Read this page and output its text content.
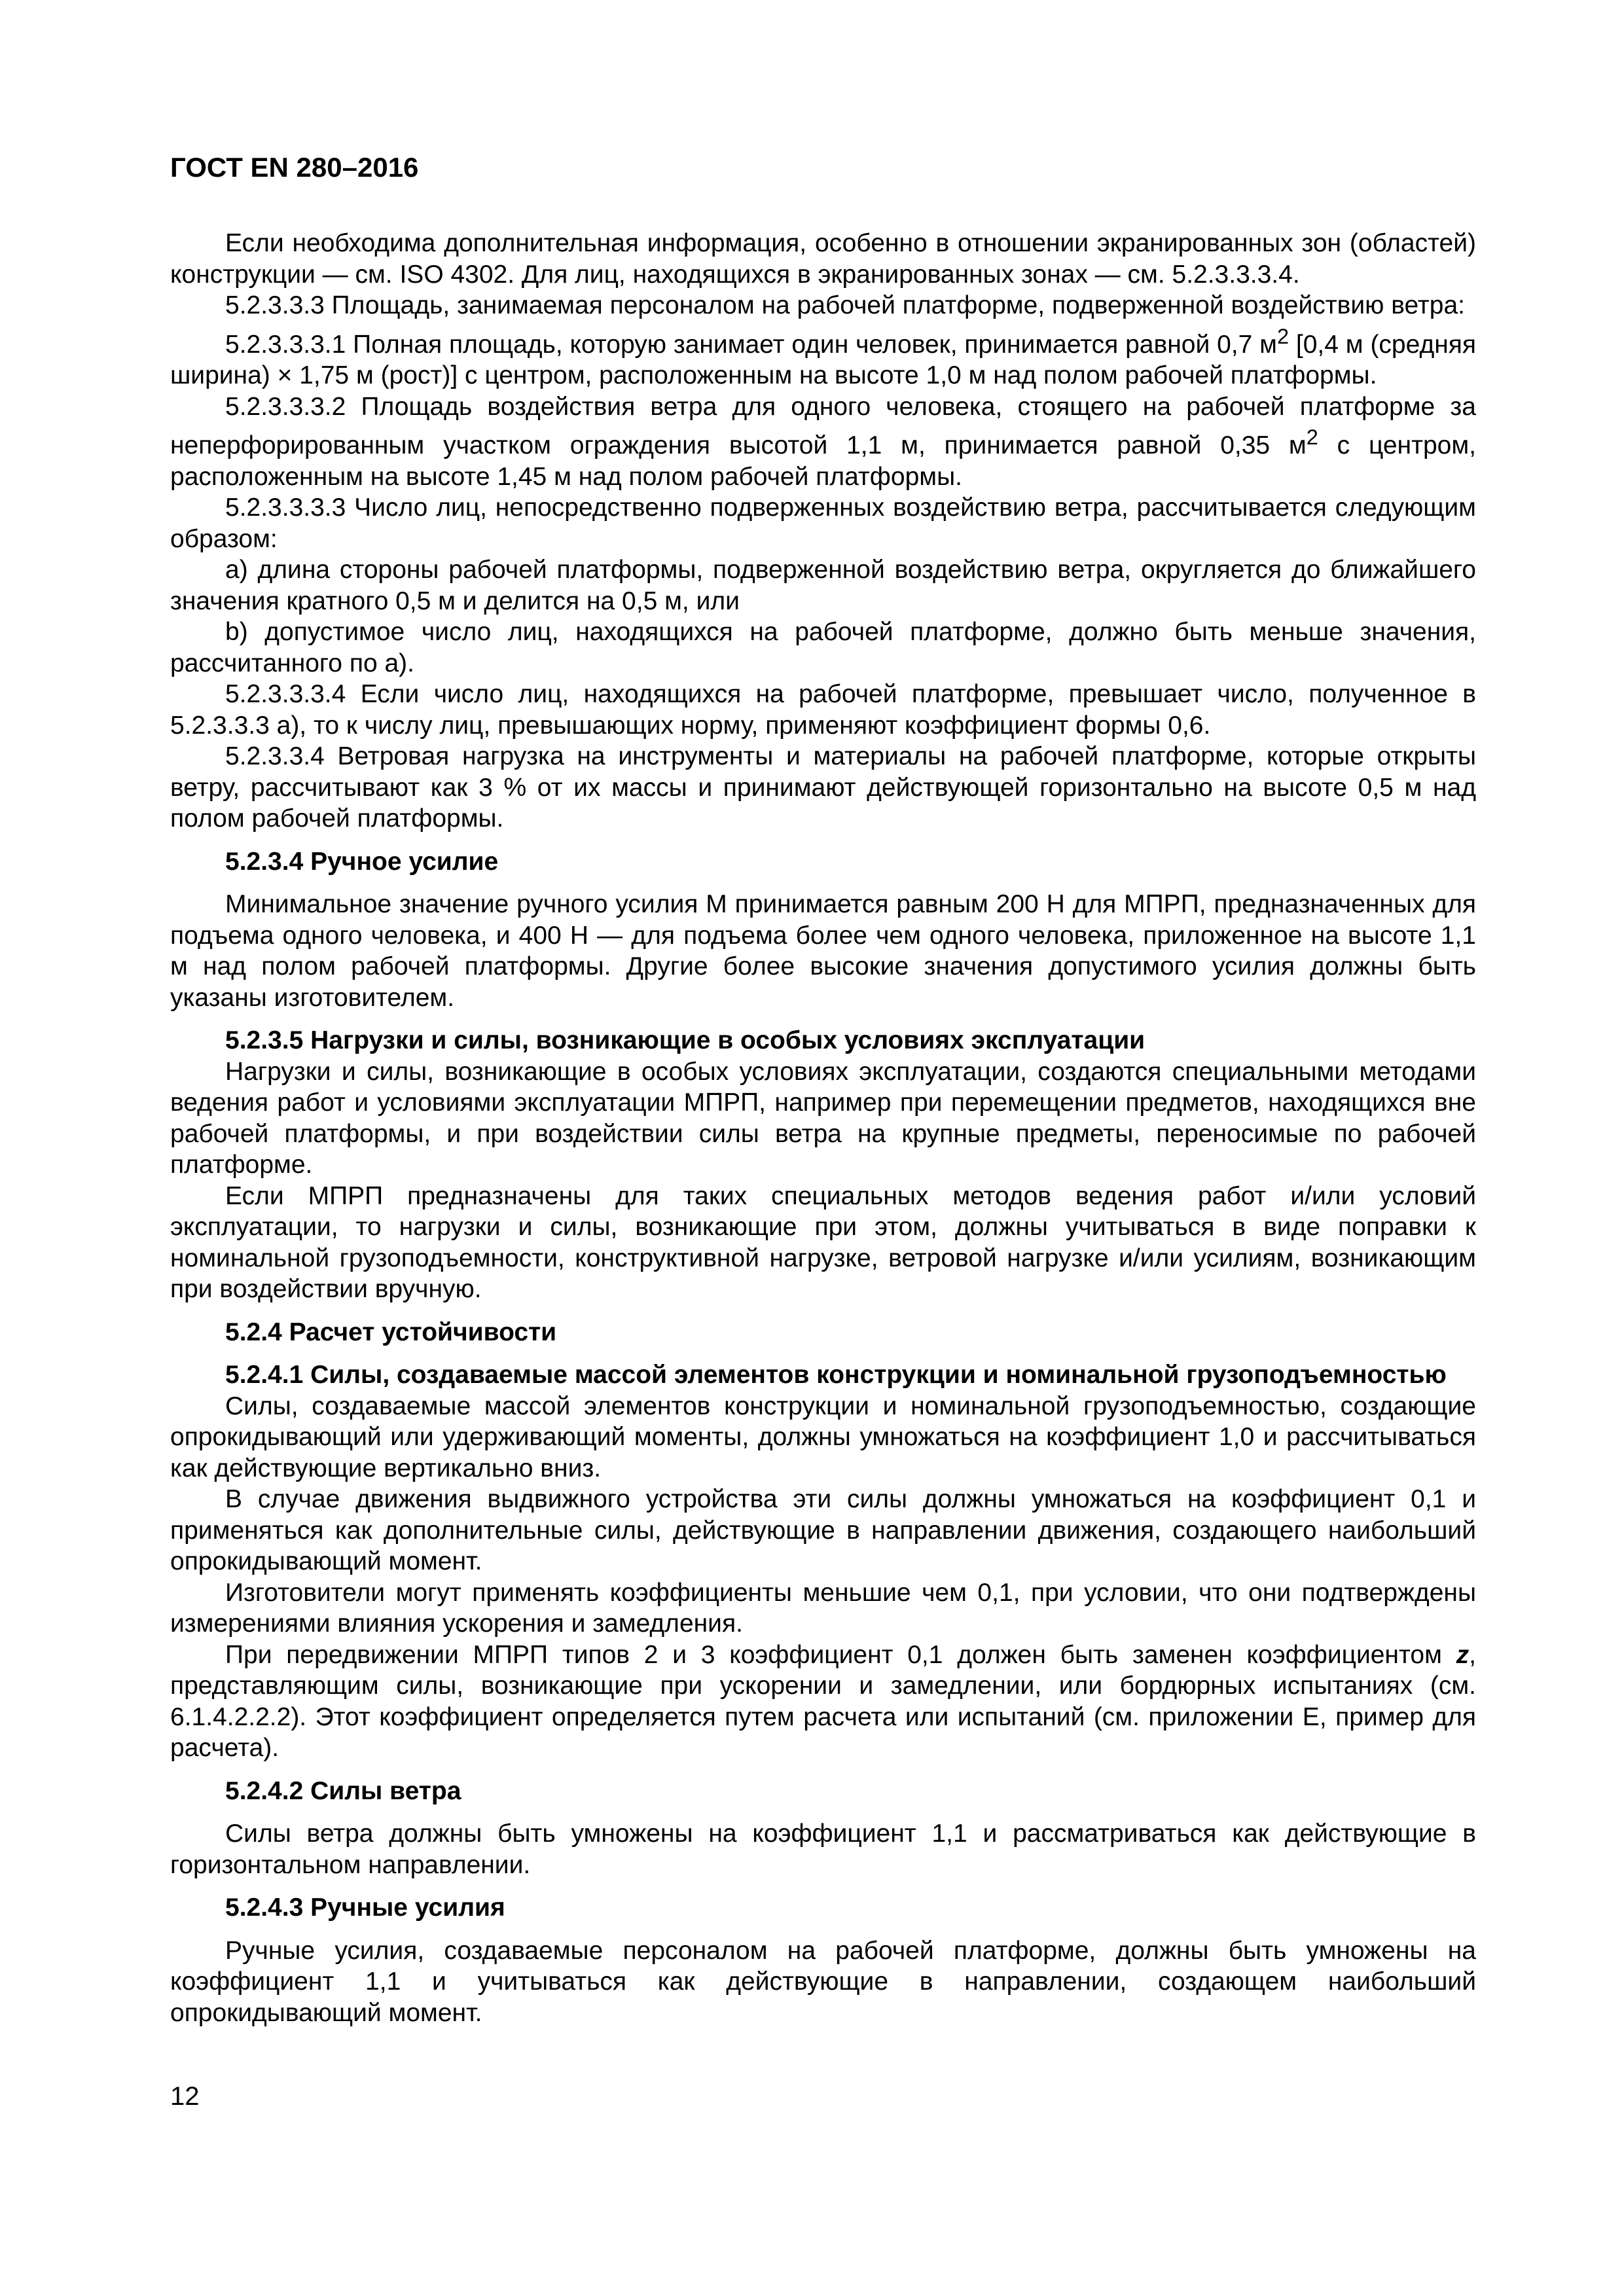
ГОСТ EN 280–2016

Если необходима дополнительная информация, особенно в отношении экранированных зон (областей) конструкции — см. ISO 4302. Для лиц, находящихся в экранированных зонах — см. 5.2.3.3.3.4.

5.2.3.3.3 Площадь, занимаемая персоналом на рабочей платформе, подверженной воздействию ветра:

5.2.3.3.3.1 Полная площадь, которую занимает один человек, принимается равной 0,7 $м^2$ [0,4 м (средняя ширина) × 1,75 м (рост)] с центром, расположенным на высоте 1,0 м над полом рабочей платформы.

5.2.3.3.3.2 Площадь воздействия ветра для одного человека, стоящего на рабочей платформе за неперфорированным участком ограждения высотой 1,1 м, принимается равной 0,35 $м^2$ с центром, расположенным на высоте 1,45 м над полом рабочей платформы.

5.2.3.3.3.3 Число лиц, непосредственно подверженных воздействию ветра, рассчитывается следующим образом:

a) длина стороны рабочей платформы, подверженной воздействию ветра, округляется до ближайшего значения кратного 0,5 м и делится на 0,5 м, или

b) допустимое число лиц, находящихся на рабочей платформе, должно быть меньше значения, рассчитанного по a).

5.2.3.3.3.4 Если число лиц, находящихся на рабочей платформе, превышает число, полученное в 5.2.3.3.3 a), то к числу лиц, превышающих норму, применяют коэффициент формы 0,6.

5.2.3.3.4 Ветровая нагрузка на инструменты и материалы на рабочей платформе, которые открыты ветру, рассчитывают как 3 % от их массы и принимают действующей горизонтально на высоте 0,5 м над полом рабочей платформы.

5.2.3.4 Ручное усилие

Минимальное значение ручного усилия M принимается равным 200 Н для МПРП, предназначенных для подъема одного человека, и 400 Н — для подъема более чем одного человека, приложенное на высоте 1,1 м над полом рабочей платформы. Другие более высокие значения допустимого усилия должны быть указаны изготовителем.

5.2.3.5 Нагрузки и силы, возникающие в особых условиях эксплуатации

Нагрузки и силы, возникающие в особых условиях эксплуатации, создаются специальными методами ведения работ и условиями эксплуатации МПРП, например при перемещении предметов, находящихся вне рабочей платформы, и при воздействии силы ветра на крупные предметы, переносимые по рабочей платформе.

Если МПРП предназначены для таких специальных методов ведения работ и/или условий эксплуатации, то нагрузки и силы, возникающие при этом, должны учитываться в виде поправки к номинальной грузоподъемности, конструктивной нагрузке, ветровой нагрузке и/или усилиям, возникающим при воздействии вручную.

5.2.4 Расчет устойчивости

5.2.4.1 Силы, создаваемые массой элементов конструкции и номинальной грузоподъемностью

Силы, создаваемые массой элементов конструкции и номинальной грузоподъемностью, создающие опрокидывающий или удерживающий моменты, должны умножаться на коэффициент 1,0 и рассчитываться как действующие вертикально вниз.

В случае движения выдвижного устройства эти силы должны умножаться на коэффициент 0,1 и применяться как дополнительные силы, действующие в направлении движения, создающего наибольший опрокидывающий момент.

Изготовители могут применять коэффициенты меньшие чем 0,1, при условии, что они подтверждены измерениями влияния ускорения и замедления.

При передвижении МПРП типов 2 и 3 коэффициент 0,1 должен быть заменен коэффициентом z, представляющим силы, возникающие при ускорении и замедлении, или бордюрных испытаниях (см. 6.1.4.2.2.2). Этот коэффициент определяется путем расчета или испытаний (см. приложении E, пример для расчета).

5.2.4.2 Силы ветра

Силы ветра должны быть умножены на коэффициент 1,1 и рассматриваться как действующие в горизонтальном направлении.

5.2.4.3 Ручные усилия

Ручные усилия, создаваемые персоналом на рабочей платформе, должны быть умножены на коэффициент 1,1 и учитываться как действующие в направлении, создающем наибольший опрокидывающий момент.

12
